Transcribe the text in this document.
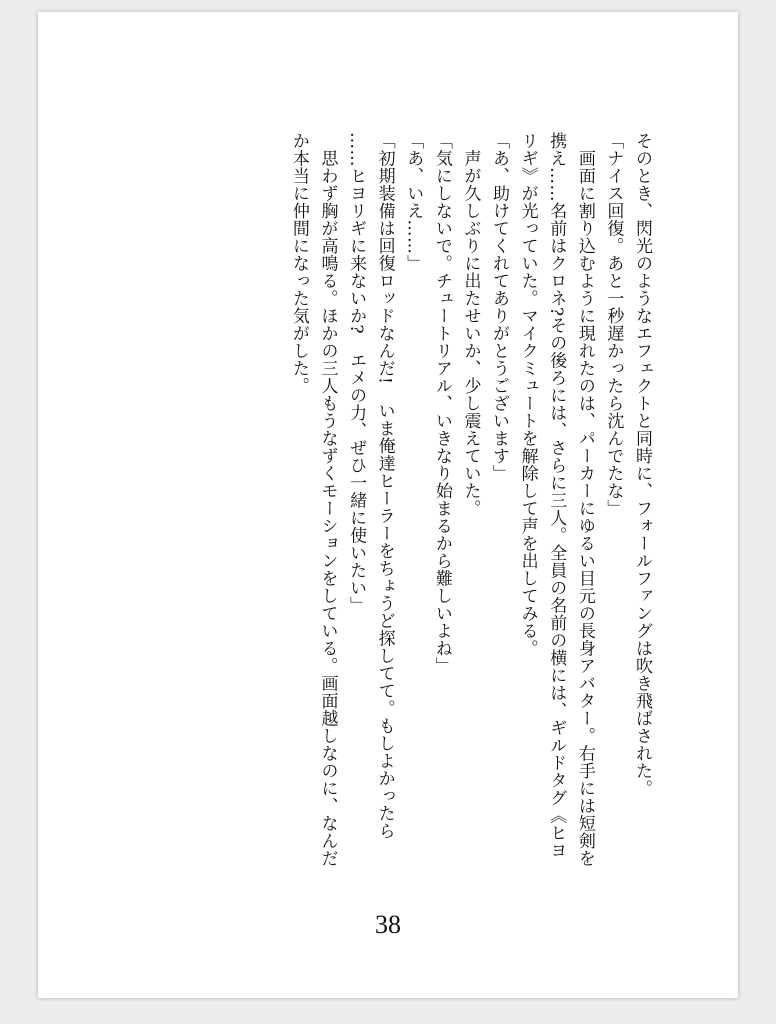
そのとき、閃光のようなエフェクトと同時に、フォールファングは吹き飛ばされた。

「ナイス回復。あと一秒遅かったら沈んでたな」

　画面に割り込むように現れたのは、パーカーにゆるい目元の長身アバター。右手には短剣を

携え……名前はクロネ?その後ろには、さらに三人。全員の名前の横には、ギルドタグ《ヒヨ

リギ》が光っていた。マイクミュートを解除して声を出してみる。

「あ、助けてくれてありがとうございます」

　声が久しぶりに出たせいか、少し震えていた。

「気にしないで。チュートリアル、いきなり始まるから難しいよね」

「あ、いえ……」

「初期装備は回復ロッドなんだ!　いま俺達ヒーラーをちょうど探してて。もしよかったら

……ヒヨリギに来ないか?　エメの力、ぜひ一緒に使いたい」

　思わず胸が高鳴る。ほかの三人もうなずくモーションをしている。画面越しなのに、なんだ

か本当に仲間になった気がした。

38
